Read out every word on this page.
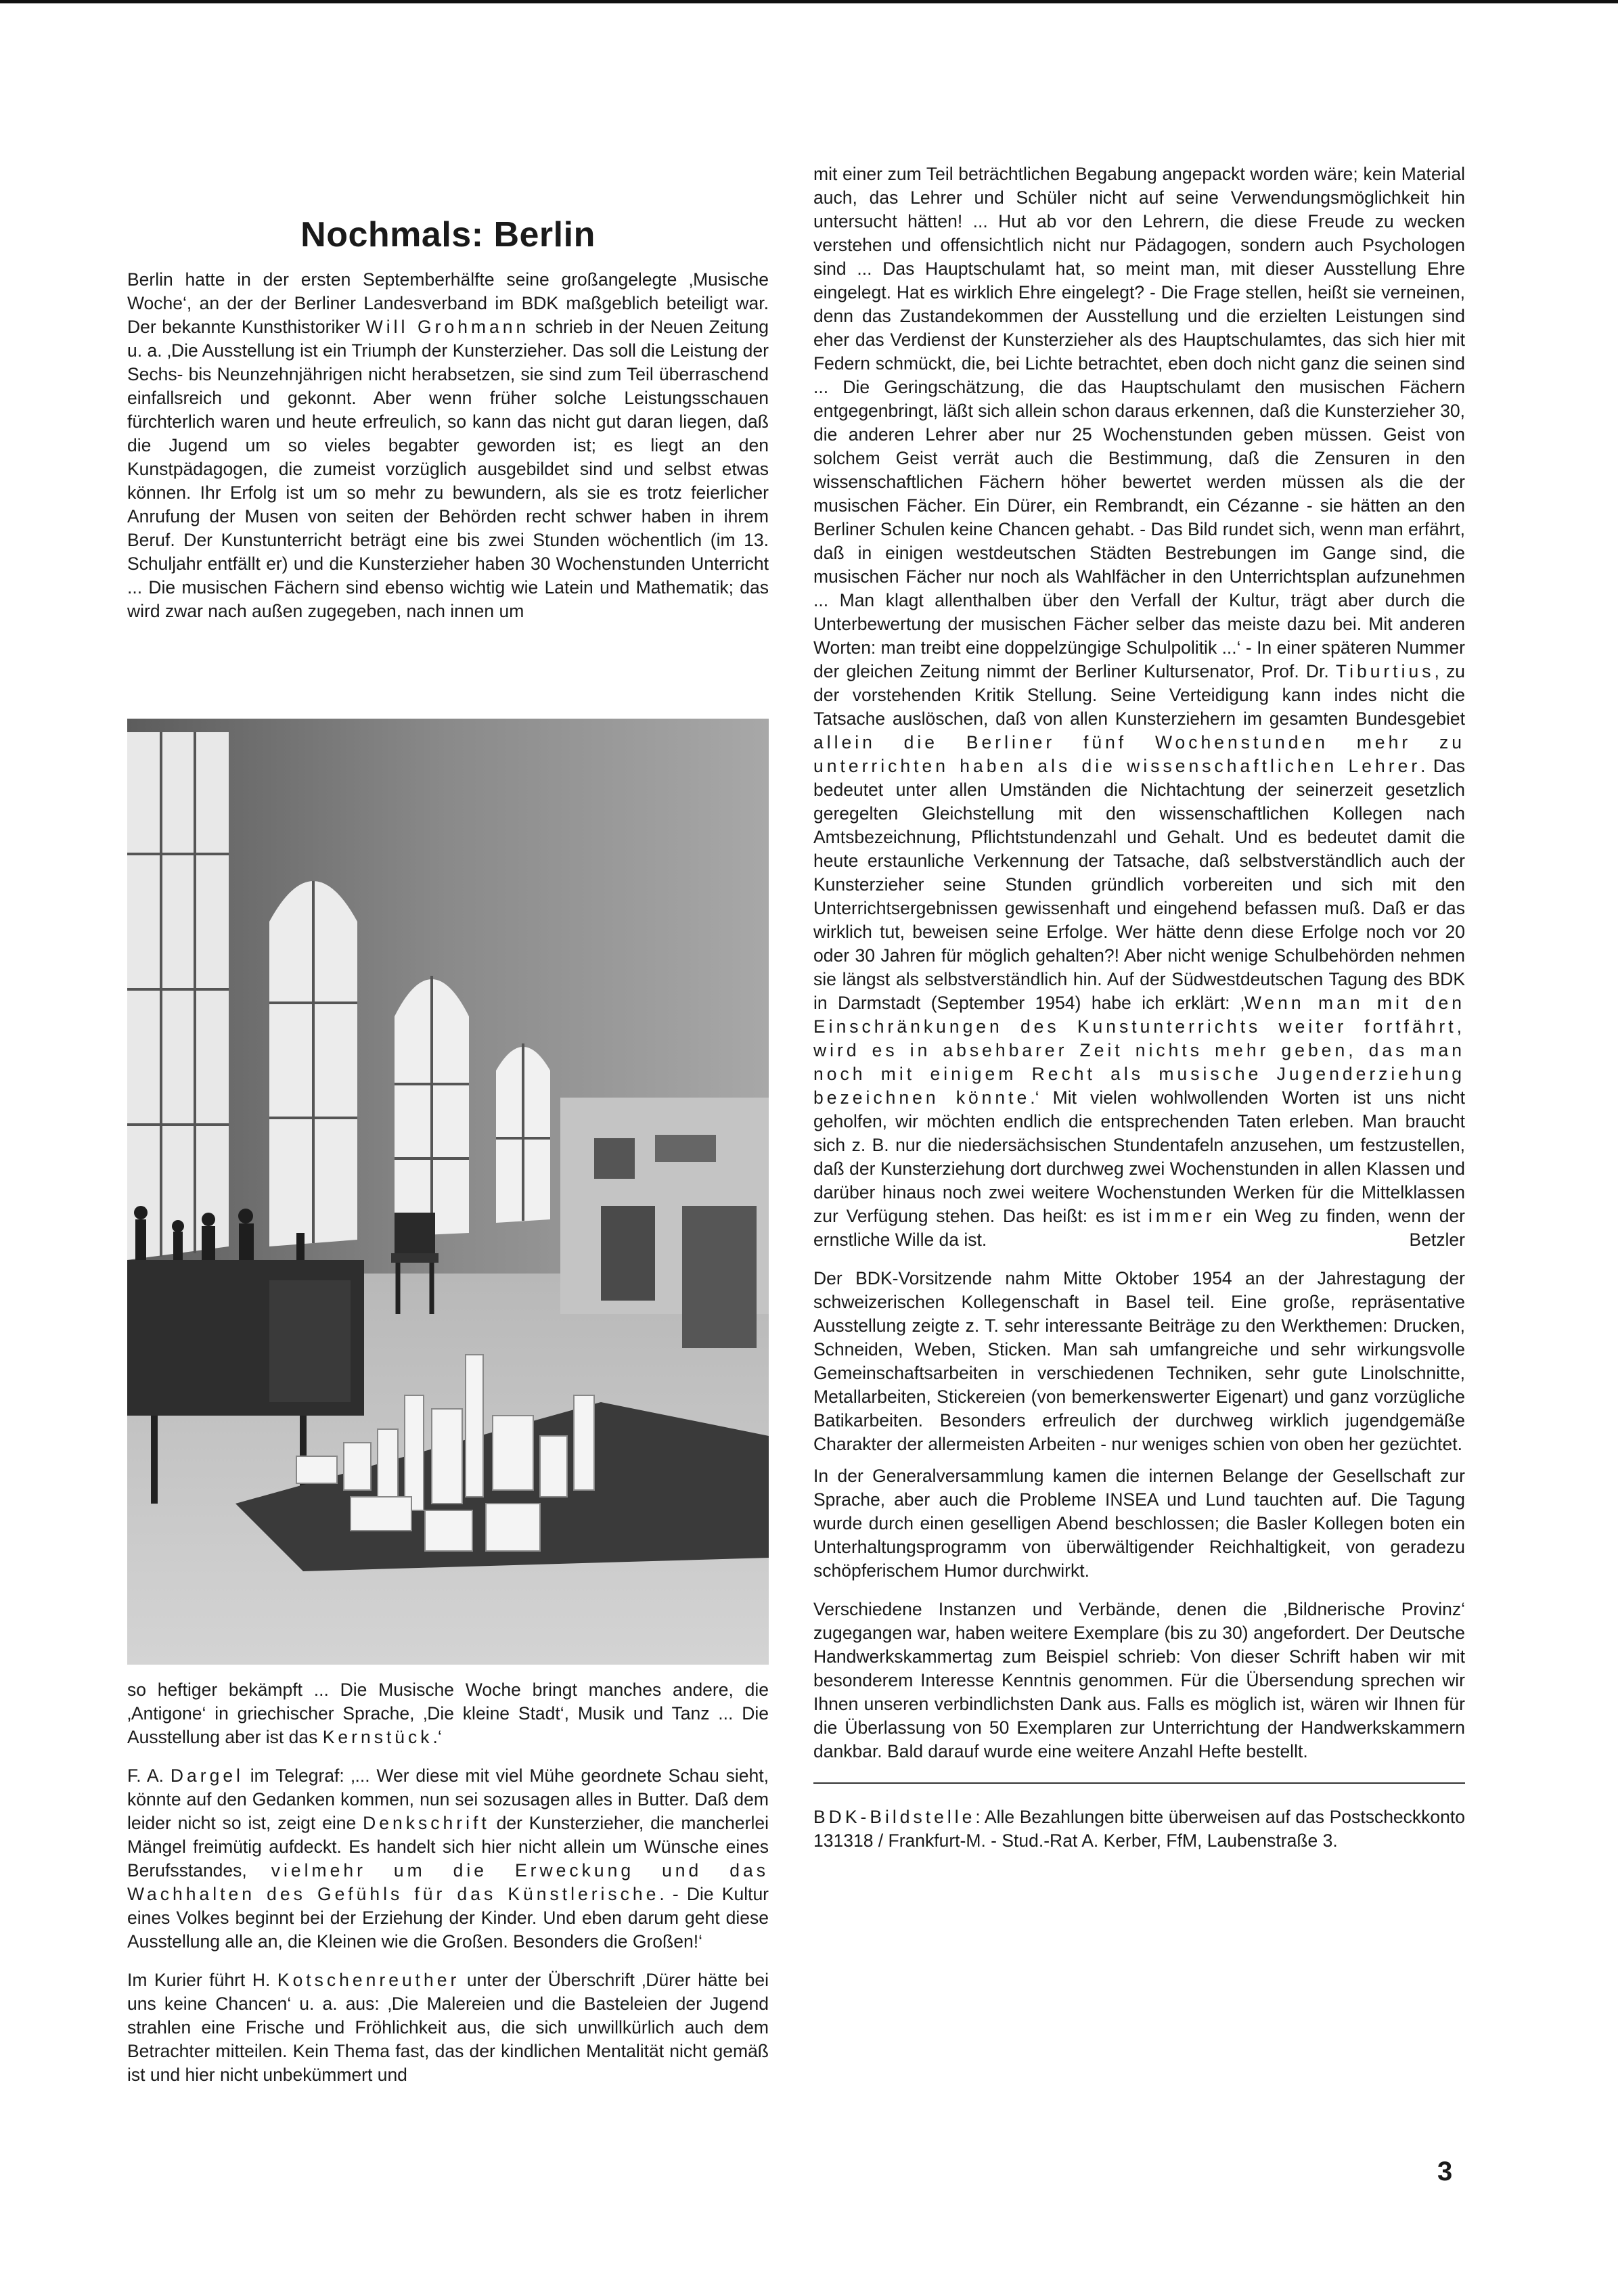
Nochmals: Berlin

Berlin hatte in der ersten Septemberhälfte seine großangelegte ‚Musische Woche‘, an der der Berliner Landesverband im BDK maßgeblich beteiligt war. Der bekannte Kunsthistoriker Will Grohmann schrieb in der Neuen Zeitung u. a. ‚Die Ausstellung ist ein Triumph der Kunsterzieher. Das soll die Leistung der Sechs- bis Neunzehnjährigen nicht herabsetzen, sie sind zum Teil überraschend einfallsreich und gekonnt. Aber wenn früher solche Leistungsschauen fürchterlich waren und heute erfreulich, so kann das nicht gut daran liegen, daß die Jugend um so vieles begabter geworden ist; es liegt an den Kunstpädagogen, die zumeist vorzüglich ausgebildet sind und selbst etwas können. Ihr Erfolg ist um so mehr zu bewundern, als sie es trotz feierlicher Anrufung der Musen von seiten der Behörden recht schwer haben in ihrem Beruf. Der Kunstunterricht beträgt eine bis zwei Stunden wöchentlich (im 13. Schuljahr entfällt er) und die Kunsterzieher haben 30 Wochenstunden Unterricht ... Die musischen Fächern sind ebenso wichtig wie Latein und Mathematik; das wird zwar nach außen zugegeben, nach innen um

so heftiger bekämpft ... Die Musische Woche bringt manches andere, die ‚Antigone‘ in griechischer Sprache, ‚Die kleine Stadt‘, Musik und Tanz ... Die Ausstellung aber ist das Kernstück.‘

F. A. Dargel im Telegraf: ‚... Wer diese mit viel Mühe geordnete Schau sieht, könnte auf den Gedanken kommen, nun sei sozusagen alles in Butter. Daß dem leider nicht so ist, zeigt eine Denkschrift der Kunsterzieher, die mancherlei Mängel freimütig aufdeckt. Es handelt sich hier nicht allein um Wünsche eines Berufsstandes, vielmehr um die Erweckung und das Wachhalten des Gefühls für das Künstlerische. - Die Kultur eines Volkes beginnt bei der Erziehung der Kinder. Und eben darum geht diese Ausstellung alle an, die Kleinen wie die Großen. Besonders die Großen!‘

Im Kurier führt H. Kotschenreuther unter der Überschrift ‚Dürer hätte bei uns keine Chancen‘ u. a. aus: ‚Die Malereien und die Basteleien der Jugend strahlen eine Frische und Fröhlichkeit aus, die sich unwillkürlich auch dem Betrachter mitteilen. Kein Thema fast, das der kindlichen Mentalität nicht gemäß ist und hier nicht unbekümmert und

mit einer zum Teil beträchtlichen Begabung angepackt worden wäre; kein Material auch, das Lehrer und Schüler nicht auf seine Verwendungsmöglichkeit hin untersucht hätten! ... Hut ab vor den Lehrern, die diese Freude zu wecken verstehen und offensichtlich nicht nur Pädagogen, sondern auch Psychologen sind ... Das Hauptschulamt hat, so meint man, mit dieser Ausstellung Ehre eingelegt. Hat es wirklich Ehre eingelegt? - Die Frage stellen, heißt sie verneinen, denn das Zustandekommen der Ausstellung und die erzielten Leistungen sind eher das Verdienst der Kunsterzieher als des Hauptschulamtes, das sich hier mit Federn schmückt, die, bei Lichte betrachtet, eben doch nicht ganz die seinen sind ... Die Geringschätzung, die das Hauptschulamt den musischen Fächern entgegenbringt, läßt sich allein schon daraus erkennen, daß die Kunsterzieher 30, die anderen Lehrer aber nur 25 Wochenstunden geben müssen. Geist von solchem Geist verrät auch die Bestimmung, daß die Zensuren in den wissenschaftlichen Fächern höher bewertet werden müssen als die der musischen Fächer. Ein Dürer, ein Rembrandt, ein Cézanne - sie hätten an den Berliner Schulen keine Chancen gehabt. - Das Bild rundet sich, wenn man erfährt, daß in einigen westdeutschen Städten Bestrebungen im Gange sind, die musischen Fächer nur noch als Wahlfächer in den Unterrichtsplan aufzunehmen ... Man klagt allenthalben über den Verfall der Kultur, trägt aber durch die Unterbewertung der musischen Fächer selber das meiste dazu bei. Mit anderen Worten: man treibt eine doppelzüngige Schulpolitik ...‘ - In einer späteren Nummer der gleichen Zeitung nimmt der Berliner Kultursenator, Prof. Dr. Tiburtius, zu der vorstehenden Kritik Stellung. Seine Verteidigung kann indes nicht die Tatsache auslöschen, daß von allen Kunsterziehern im gesamten Bundesgebiet allein die Berliner fünf Wochenstunden mehr zu unterrichten haben als die wissenschaftlichen Lehrer. Das bedeutet unter allen Umständen die Nichtachtung der seinerzeit gesetzlich geregelten Gleichstellung mit den wissenschaftlichen Kollegen nach Amtsbezeichnung, Pflichtstundenzahl und Gehalt. Und es bedeutet damit die heute erstaunliche Verkennung der Tatsache, daß selbstverständlich auch der Kunsterzieher seine Stunden gründlich vorbereiten und sich mit den Unterrichtsergebnissen gewissenhaft und eingehend befassen muß. Daß er das wirklich tut, beweisen seine Erfolge. Wer hätte denn diese Erfolge noch vor 20 oder 30 Jahren für möglich gehalten?! Aber nicht wenige Schulbehörden nehmen sie längst als selbstverständlich hin. Auf der Südwestdeutschen Tagung des BDK in Darmstadt (September 1954) habe ich erklärt: ‚Wenn man mit den Einschränkungen des Kunstunterrichts weiter fortfährt, wird es in absehbarer Zeit nichts mehr geben, das man noch mit einigem Recht als musische Jugenderziehung bezeichnen könnte.‘ Mit vielen wohlwollenden Worten ist uns nicht geholfen, wir möchten endlich die entsprechenden Taten erleben. Man braucht sich z. B. nur die niedersächsischen Stundentafeln anzusehen, um festzustellen, daß der Kunsterziehung dort durchweg zwei Wochenstunden in allen Klassen und darüber hinaus noch zwei weitere Wochenstunden Werken für die Mittelklassen zur Verfügung stehen. Das heißt: es ist immer ein Weg zu finden, wenn der ernstliche Wille da ist.	Betzler

Der BDK-Vorsitzende nahm Mitte Oktober 1954 an der Jahrestagung der schweizerischen Kollegenschaft in Basel teil. Eine große, repräsentative Ausstellung zeigte z. T. sehr interessante Beiträge zu den Werkthemen: Drucken, Schneiden, Weben, Sticken. Man sah umfangreiche und sehr wirkungsvolle Gemeinschaftsarbeiten in verschiedenen Techniken, sehr gute Linolschnitte, Metallarbeiten, Stickereien (von bemerkenswerter Eigenart) und ganz vorzügliche Batikarbeiten. Besonders erfreulich der durchweg wirklich jugendgemäße Charakter der allermeisten Arbeiten - nur weniges schien von oben her gezüchtet.

In der Generalversammlung kamen die internen Belange der Gesellschaft zur Sprache, aber auch die Probleme INSEA und Lund tauchten auf. Die Tagung wurde durch einen geselligen Abend beschlossen; die Basler Kollegen boten ein Unterhaltungsprogramm von überwältigender Reichhaltigkeit, von geradezu schöpferischem Humor durchwirkt.

Verschiedene Instanzen und Verbände, denen die ‚Bildnerische Provinz‘ zugegangen war, haben weitere Exemplare (bis zu 30) angefordert. Der Deutsche Handwerkskammertag zum Beispiel schrieb: Von dieser Schrift haben wir mit besonderem Interesse Kenntnis genommen. Für die Übersendung sprechen wir Ihnen unseren verbindlichsten Dank aus. Falls es möglich ist, wären wir Ihnen für die Überlassung von 50 Exemplaren zur Unterrichtung der Handwerkskammern dankbar. Bald darauf wurde eine weitere Anzahl Hefte bestellt.

BDK-Bildstelle: Alle Bezahlungen bitte überweisen auf das Postscheckkonto 131318 / Frankfurt-M. - Stud.-Rat A. Kerber, FfM, Laubenstraße 3.

3
